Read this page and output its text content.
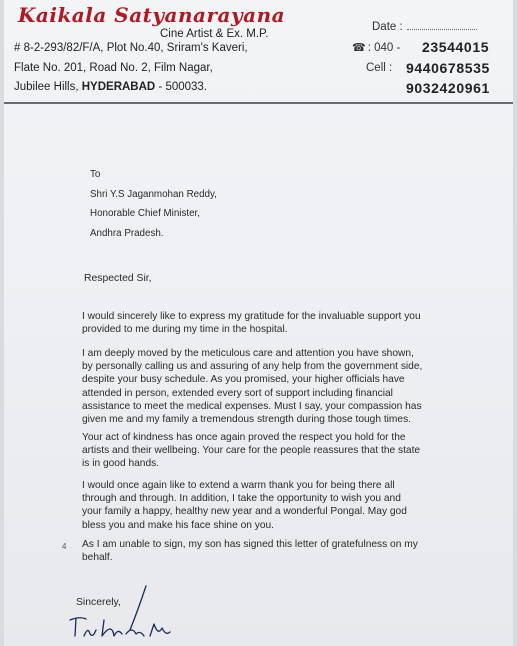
Kaikala Satyanarayana
Cine Artist & Ex. M.P.
# 8-2-293/82/F/A, Plot No.40, Sriram's Kaveri,
Flate No. 201, Road No. 2, Film Nagar,
Jubilee Hills, HYDERABAD - 500033.
Date :
☎ : 040 - 23544015
Cell : 9440678535
9032420961
To
Shri Y.S Jaganmohan Reddy,
Honorable Chief Minister,
Andhra Pradesh.
Respected Sir,
I would sincerely like to express my gratitude for the invaluable support you
provided to me during my time in the hospital.
I am deeply moved by the meticulous care and attention you have shown,
by personally calling us and assuring of any help from the government side,
despite your busy schedule. As you promised, your higher officials have
attended in person, extended every sort of support including financial
assistance to meet the medical expenses. Must I say, your compassion has
given me and my family a tremendous strength during those tough times.
Your act of kindness has once again proved the respect you hold for the
artists and their wellbeing. Your care for the people reassures that the state
is in good hands.
I would once again like to extend a warm thank you for being there all
through and through. In addition, I take the opportunity to wish you and
your family a happy, healthy new year and a wonderful Pongal. May god
bless you and make his face shine on you.
4 As I am unable to sign, my son has signed this letter of gratefulness on my
behalf.
Sincerely,
